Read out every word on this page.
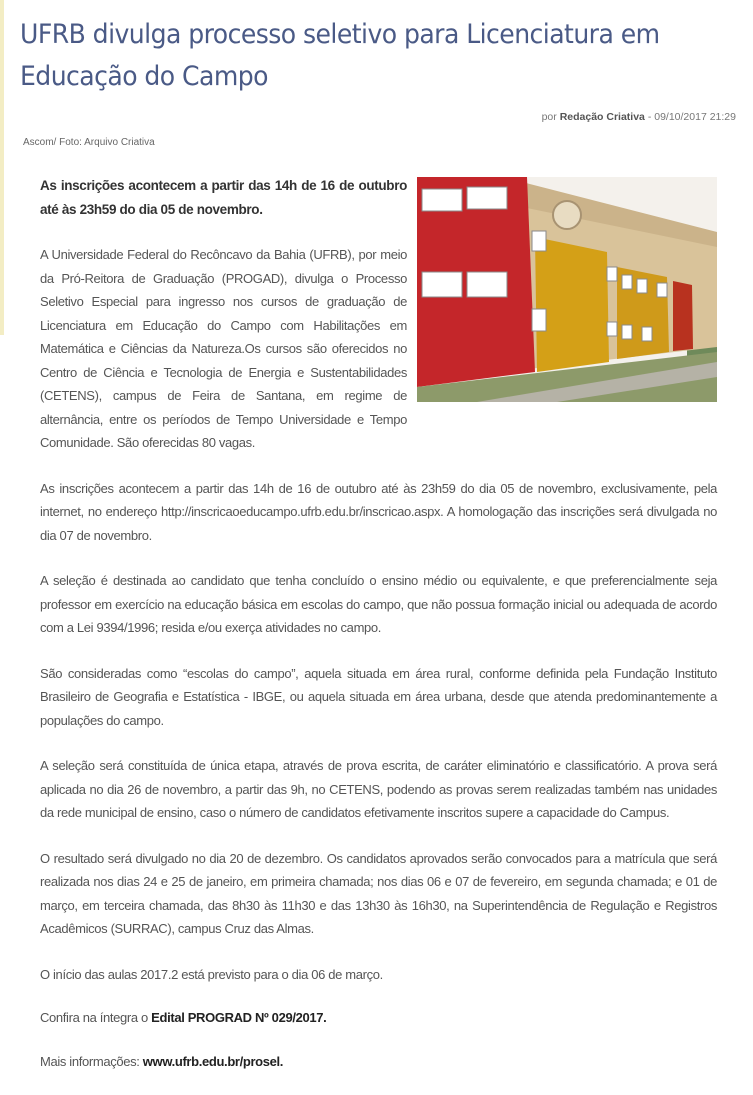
UFRB divulga processo seletivo para Licenciatura em Educação do Campo
por Redação Criativa - 09/10/2017 21:29
Ascom/ Foto: Arquivo Criativa

As inscrições acontecem a partir das 14h de 16 de outubro até às 23h59 do dia 05 de novembro.

A Universidade Federal do Recôncavo da Bahia (UFRB), por meio da Pró-Reitora de Graduação (PROGAD), divulga o Processo Seletivo Especial para ingresso nos cursos de graduação de Licenciatura em Educação do Campo com Habilitações em Matemática e Ciências da Natureza.Os cursos são oferecidos no Centro de Ciência e Tecnologia de Energia e Sustentabilidades (CETENS), campus de Feira de Santana, em regime de alternância, entre os períodos de Tempo Universidade e Tempo Comunidade. São oferecidas 80 vagas.

As inscrições acontecem a partir das 14h de 16 de outubro até às 23h59 do dia 05 de novembro, exclusivamente, pela internet, no endereço http://inscricaoeducampo.ufrb.edu.br/inscricao.aspx. A homologação das inscrições será divulgada no dia 07 de novembro.

A seleção é destinada ao candidato que tenha concluído o ensino médio ou equivalente, e que preferencialmente seja professor em exercício na educação básica em escolas do campo, que não possua formação inicial ou adequada de acordo com a Lei 9394/1996; resida e/ou exerça atividades no campo.

São consideradas como “escolas do campo”, aquela situada em área rural, conforme definida pela Fundação Instituto Brasileiro de Geografia e Estatística - IBGE, ou aquela situada em área urbana, desde que atenda predominantemente a populações do campo.

A seleção será constituída de única etapa, através de prova escrita, de caráter eliminatório e classificatório. A prova será aplicada no dia 26 de novembro, a partir das 9h, no CETENS, podendo as provas serem realizadas também nas unidades da rede municipal de ensino, caso o número de candidatos efetivamente inscritos supere a capacidade do Campus.

O resultado será divulgado no dia 20 de dezembro. Os candidatos aprovados serão convocados para a matrícula que será realizada nos dias 24 e 25 de janeiro, em primeira chamada; nos dias 06 e 07 de fevereiro, em segunda chamada; e 01 de março, em terceira chamada, das 8h30 às 11h30 e das 13h30 às 16h30, na Superintendência de Regulação e Registros Acadêmicos (SURRAC), campus Cruz das Almas.

O início das aulas 2017.2 está previsto para o dia 06 de março.

Confira na íntegra o Edital PROGRAD Nº 029/2017.

Mais informações: www.ufrb.edu.br/prosel.
